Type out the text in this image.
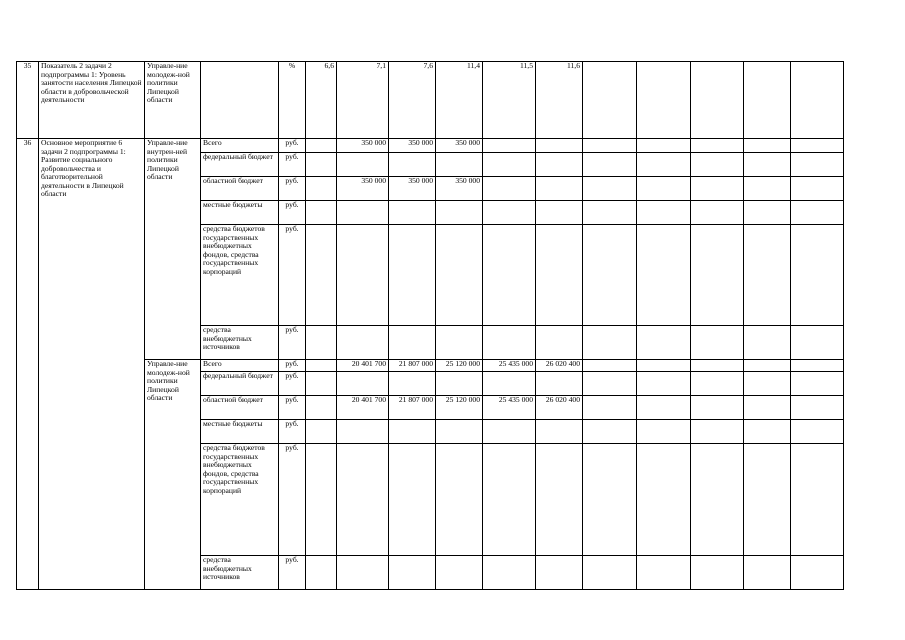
35	Показатель 2 задачи 2 подпрограммы 1: Уровень занятости населения Липецкой области в добровольческой деятельности	Управле-ние молодеж-ной политики Липецкой области		%	6,6	7,1	7,6	11,4	11,5	11,6					
36	Основное мероприятие 6 задачи 2 подпрограммы 1: Развитие социального добровольчества и благотворительной деятельности в Липецкой области	Управле-ние внутрен-ней политики Липецкой области	Всего	руб.		350 000	350 000	350 000							
			федеральный бюджет	руб.											
			областной бюджет	руб.		350 000	350 000	350 000							
			местные бюджеты	руб.											
			средства бюджетов государственных внебюджетных фондов, средства государственных корпораций	руб.											
			средства внебюджетных источников	руб.											
		Управле-ние молодеж-ной политики Липецкой области	Всего	руб.		20 401 700	21 807 000	25 120 000	25 435 000	26 020 400					
			федеральный бюджет	руб.											
			областной бюджет	руб.		20 401 700	21 807 000	25 120 000	25 435 000	26 020 400					
			местные бюджеты	руб.											
			средства бюджетов государственных внебюджетных фондов, средства государственных корпораций	руб.											
			средства внебюджетных источников	руб.											
